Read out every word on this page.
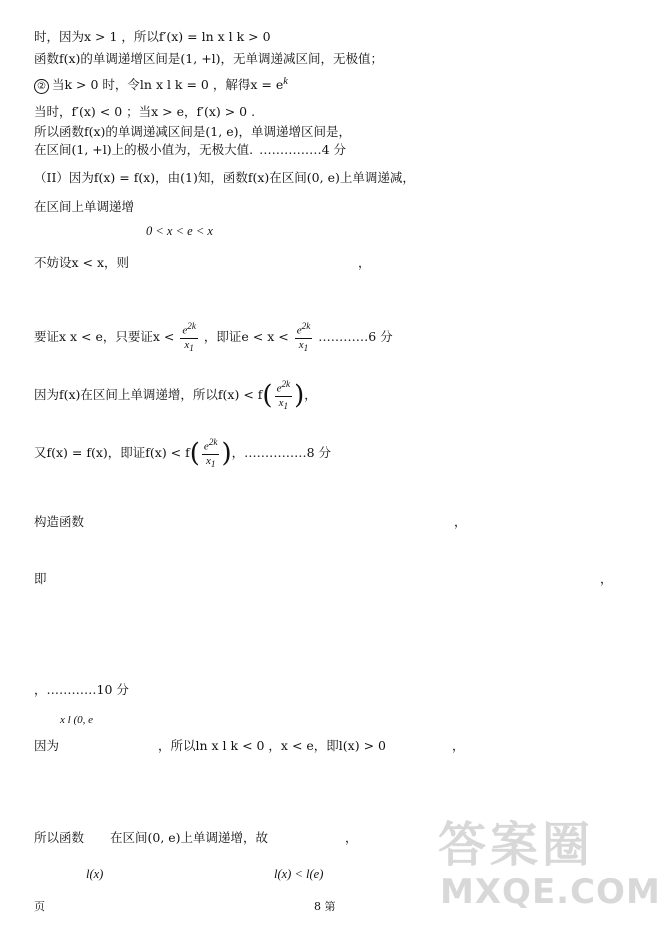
时，因为x > 1 ，所以f′(x) = ln x l k > 0
函数f(x)的单调递增区间是(1, +l)，无单调递减区间，无极值；
② 当k > 0 时，令ln x l k = 0 ，解得$x = e^k$
当时，f′(x) < 0 ；当x > e，f′(x) > 0 .
所以函数f(x)的单调递减区间是(1, e)，单调递增区间是，
在区间(1, +l)上的极小值为，无极大值. ……………4 分
（II）因为f(x) = f(x)，由(1)知，函数f(x)在区间(0, e)上单调递减，
在区间上单调递增
0 < x < e < x
不妨设x < x，则	，
要证x x < e，只要证$x < \frac{e^{2k}}{x_1}$ ，即证$e < x < \frac{e^{2k}}{x_1}$ …………6 分
因为f(x)在区间上单调递增，所以$f(x) < f( \frac{e^{2k}}{x_1}$ )，
又f(x) = f(x)，即证$f(x) < f( \frac{e^{2k}}{x_1}$ )，……………8 分
构造函数	，
即	，
，…………10 分
x l (0, e
因为	，所以ln x l k < 0 ，x < e，即l(x) > 0	，
所以函数 在区间(0, e)上单调递增，故	，
l(x)	l(x) < l(e)
页	8 第
答案圈
MXQE.COM
